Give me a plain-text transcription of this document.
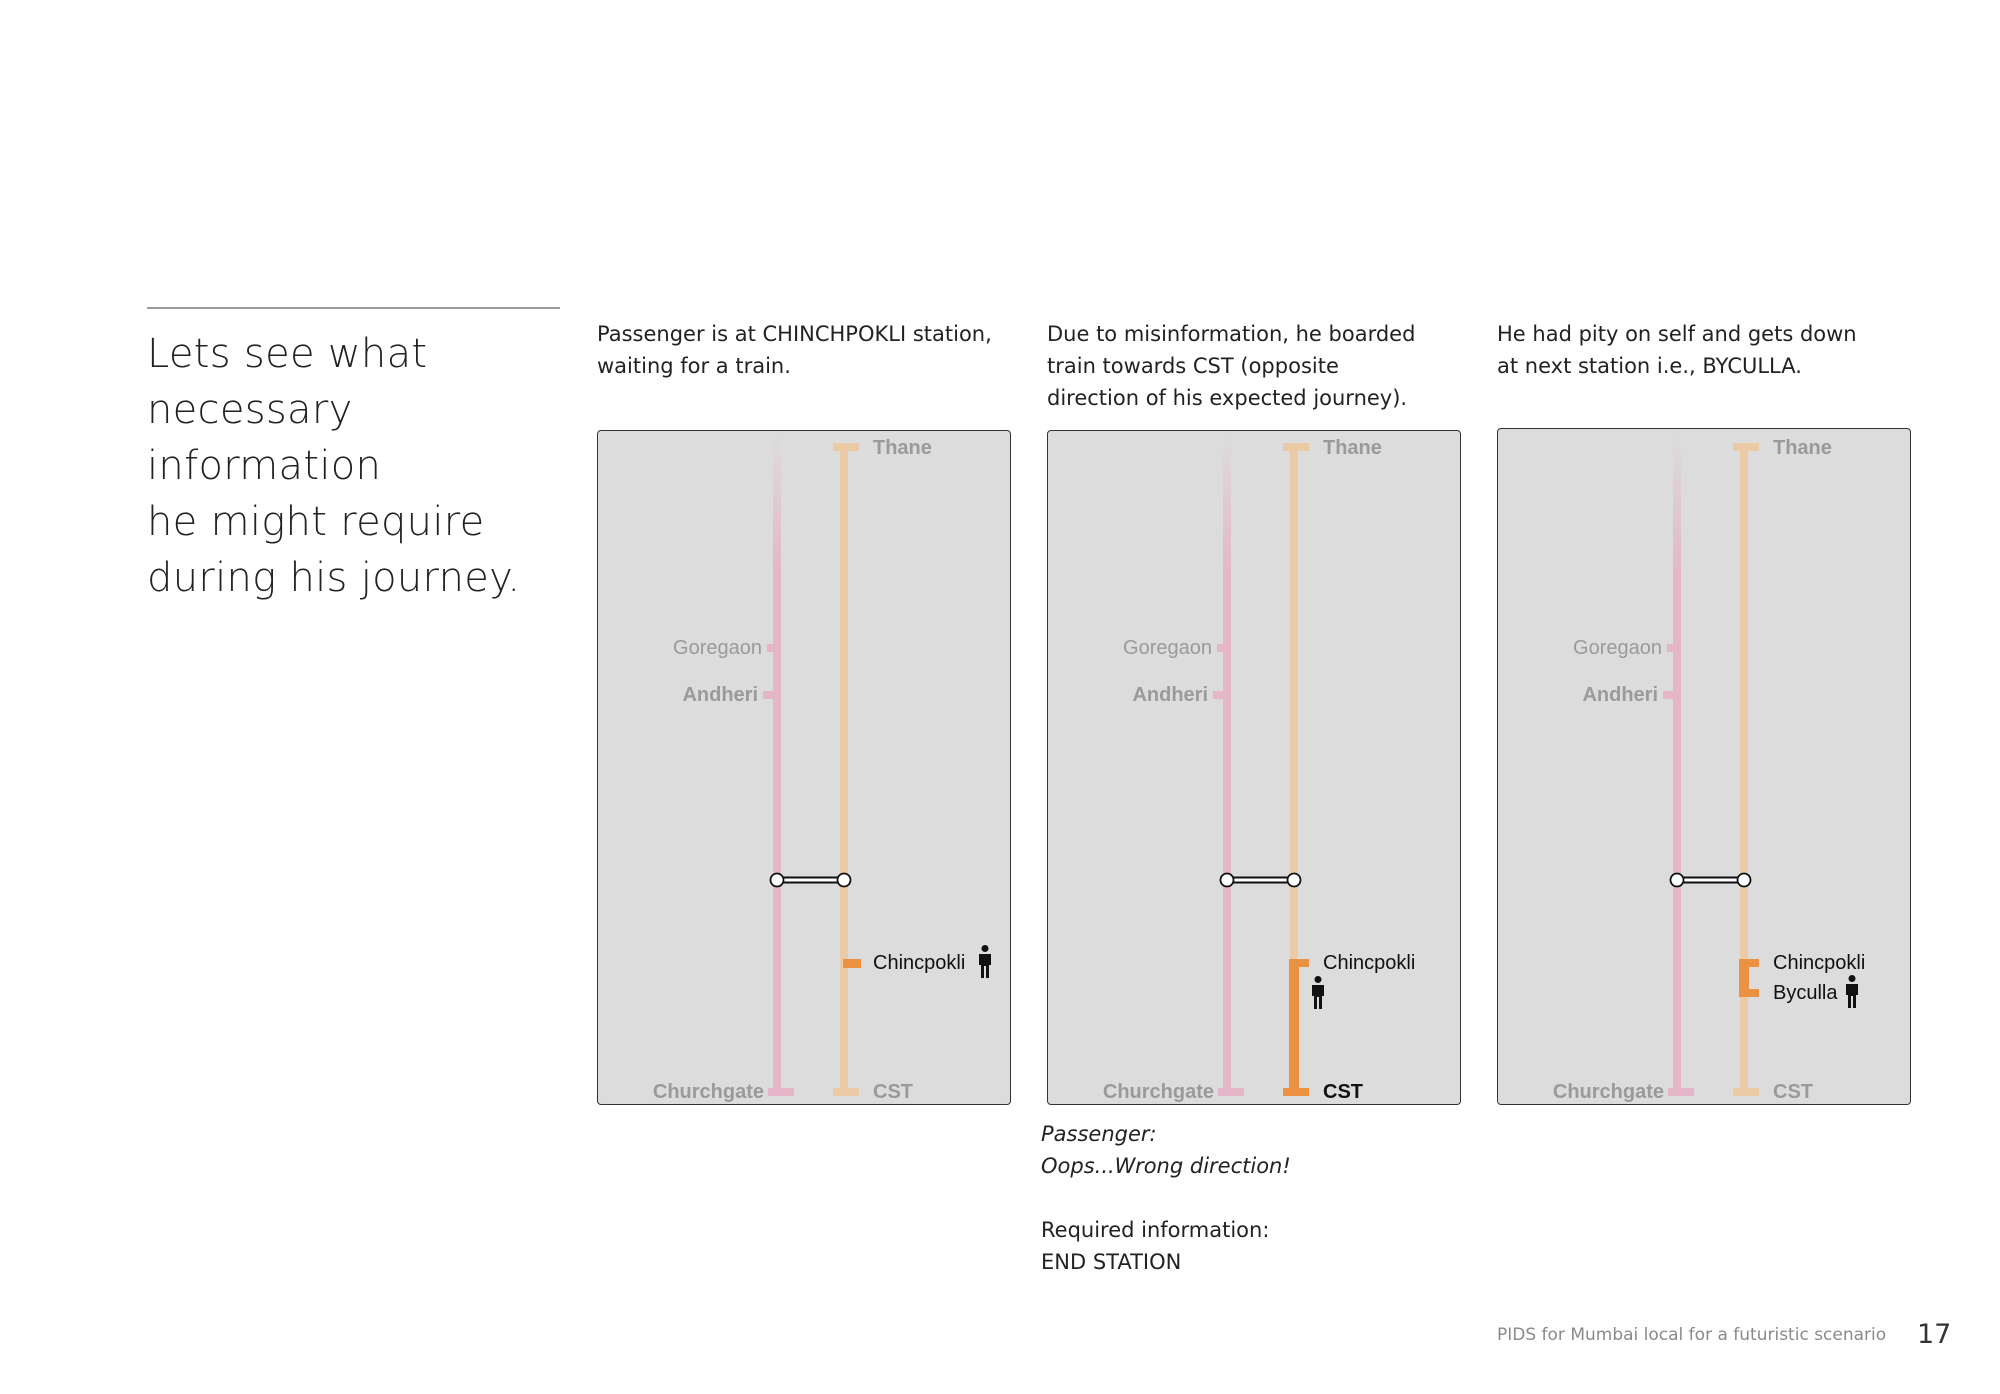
Lets see what
necessary information
he might require
during his journey.
Passenger is at CHINCHPOKLI station,
waiting for a train.
Due to misinformation, he boarded
train towards CST (opposite
direction of his expected journey).
He had pity on self and gets down
at next station i.e., BYCULLA.
Thane
Goregaon
Andheri
Churchgate	CST
Chincpokli
Thane
Goregaon
Andheri
Churchgate	CST
Chincpokli
Thane
Goregaon
Andheri
Churchgate	CST
Chincpokli
Byculla
Passenger:
Oops...Wrong direction!
Required information:
END STATION
PIDS for Mumbai local for a futuristic scenario 17
